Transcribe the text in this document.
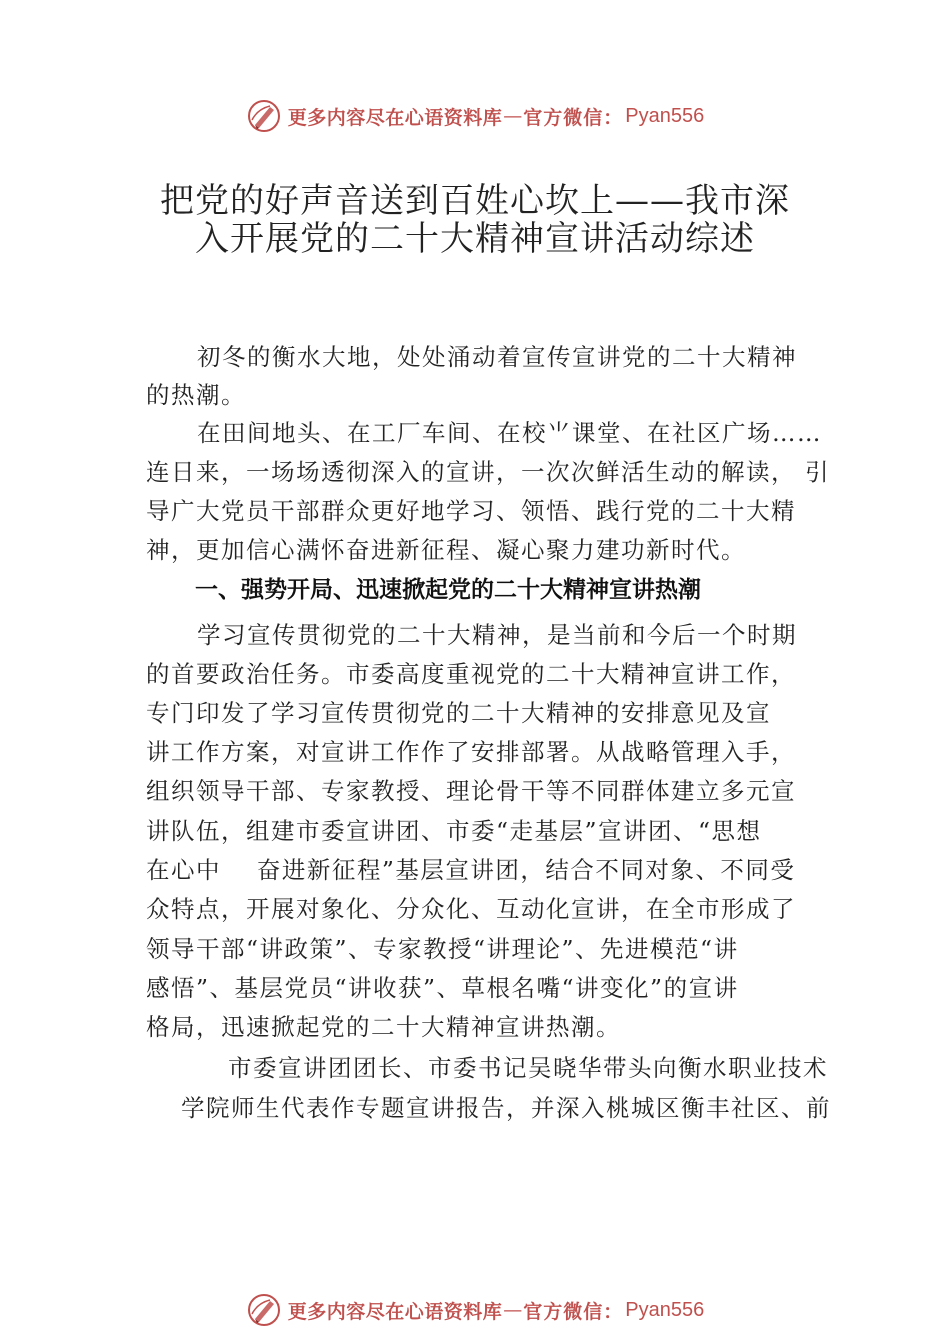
更多内容尽在心语资料库 — 官方微信： Pyan556
把党的好声音送到百姓心坎上——我市深
入开展党的二十大精神宣讲活动综述
初冬的衡水大地，处处涌动着宣传宣讲党的二十大精神
的热潮。
在田间地头、在工厂车间、在校⺌课堂、在社区广场……
连日来，一场场透彻深入的宣讲，一次次鲜活生动的解读， 引
导广大党员干部群众更好地学习、领悟、践行党的二十大精
神，更加信心满怀奋进新征程、凝心聚力建功新时代。
一、强势开局、迅速掀起党的二十大精神宣讲热潮
学习宣传贯彻党的二十大精神，是当前和今后一个时期
的首要政治任务。市委高度重视党的二十大精神宣讲工作，
专门印发了学习宣传贯彻党的二十大精神的安排意见及宣
讲工作方案，对宣讲工作作了安排部署。从战略管理入手，
组织领导干部、专家教授、理论骨干等不同群体建立多元宣
讲队伍，组建市委宣讲团、市委“走基层”宣讲团、“思想
在心中    奋进新征程”基层宣讲团，结合不同对象、不同受
众特点，开展对象化、分众化、互动化宣讲，在全市形成了
领导干部“讲政策”、专家教授“讲理论”、先进模范“讲
感悟”、基层党员“讲收获”、草根名嘴“讲变化”的宣讲
格局，迅速掀起党的二十大精神宣讲热潮。
市委宣讲团团长、市委书记吴晓华带头向衡水职业技术
学院师生代表作专题宣讲报告，并深入桃城区衡丰社区、前
更多内容尽在心语资料库 — 官方微信： Pyan556
